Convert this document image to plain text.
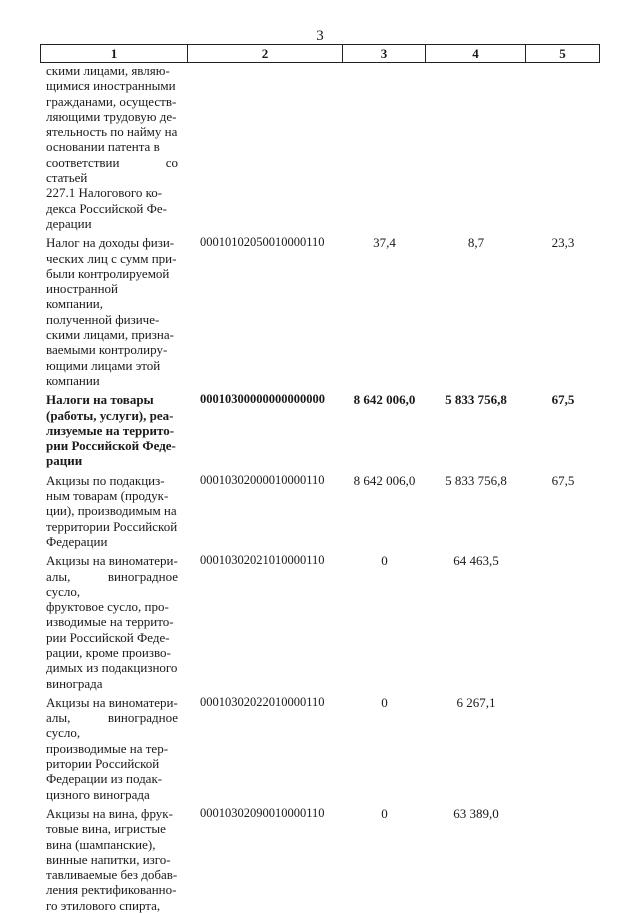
3
1	2	3	4	5
скими лицами, являю-
щимися иностранными
гражданами, осуществ-
ляющими трудовую де-
ятельность по найму на
основании патента в
соответствии со статьей
227.1 Налогового ко-
декса Российской Фе-
дерации
Налог на доходы физи-
ческих лиц с сумм при-
были контролируемой
иностранной компании,
полученной физиче-
скими лицами, призна-
ваемыми контролиру-
ющими лицами этой
компании
00010102050010000110	37,4	8,7	23,3
Налоги на товары
(работы, услуги), реа-
лизуемые на террито-
рии Российской Феде-
рации
00010300000000000000	8 642 006,0	5 833 756,8	67,5
Акцизы по подакциз-
ным товарам (продук-
ции), производимым на
территории Российской
Федерации
00010302000010000110	8 642 006,0	5 833 756,8	67,5
Акцизы на виноматери-
алы, виноградное сусло,
фруктовое сусло, про-
изводимые на террито-
рии Российской Феде-
рации, кроме произво-
димых из подакцизного
винограда
00010302021010000110	0	64 463,5
Акцизы на виноматери-
алы, виноградное сусло,
производимые на тер-
ритории Российской
Федерации из подак-
цизного винограда
00010302022010000110	0	6 267,1
Акцизы на вина, фрук-
товые вина, игристые
вина (шампанские),
винные напитки, изго-
тавливаемые без добав-
ления ректификованно-
го этилового спирта,
00010302090010000110	0	63 389,0
